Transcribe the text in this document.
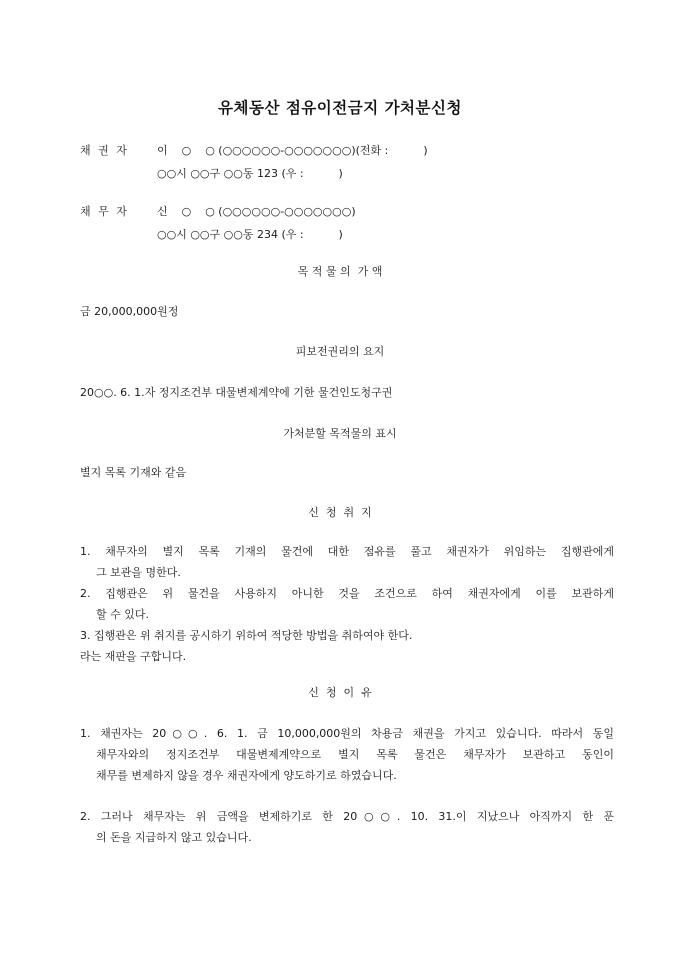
유체동산 점유이전금지 가처분신청
채 권 자	이    ○    ○ (○○○○○○-○○○○○○○)(전화 :          )
○○시 ○○구 ○○동 123 (우 :          )
채 무 자	신    ○    ○ (○○○○○○-○○○○○○○)
○○시 ○○구 ○○동 234 (우 :          )
목 적 물 의  가 액
금 20,000,000원정
피보전권리의 요지
20○○. 6. 1.자 정지조건부 대물변제계약에 기한 물건인도청구권
가처분할 목적물의 표시
별지 목록 기재와 같음
신  청  취  지
1. 채무자의 별지 목록 기재의 물건에 대한 점유를 풀고 채권자가 위임하는 집행관에게
그 보관을 명한다.
2. 집행관은 위 물건을 사용하지 아니한 것을 조건으로 하여 채권자에게 이를 보관하게
할 수 있다.
3. 집행관은 위 취지를 공시하기 위하여 적당한 방법을 취하여야 한다.
라는 재판을 구합니다.
신  청  이  유
1. 채권자는 20○○. 6. 1. 금 10,000,000원의 차용금 채권을 가지고 있습니다. 따라서 동일
채무자와의 정지조건부 대물변제계약으로 별지 목록 물건은 채무자가 보관하고 동인이
채무를 변제하지 않을 경우 채권자에게 양도하기로 하였습니다.
2. 그러나 채무자는 위 금액을 변제하기로 한 20○○. 10. 31.이 지났으나 아직까지 한 푼
의 돈을 지급하지 않고 있습니다.
